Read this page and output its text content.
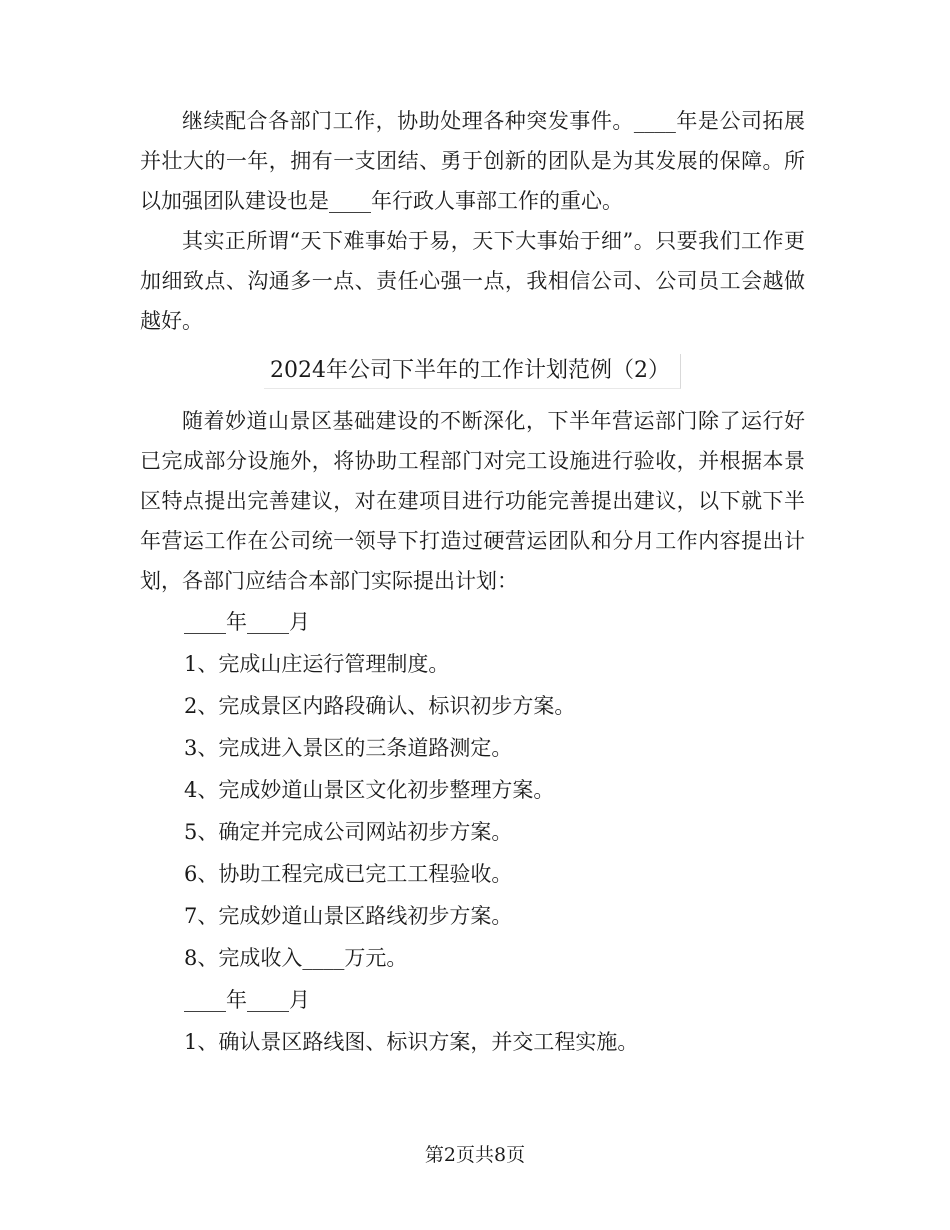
继续配合各部门工作，协助处理各种突发事件。____年是公司拓展并壮大的一年，拥有一支团结、勇于创新的团队是为其发展的保障。所以加强团队建设也是____年行政人事部工作的重心。

其实正所谓“天下难事始于易，天下大事始于细”。只要我们工作更加细致点、沟通多一点、责任心强一点，我相信公司、公司员工会越做越好。

2024年公司下半年的工作计划范例（2）

随着妙道山景区基础建设的不断深化，下半年营运部门除了运行好已完成部分设施外，将协助工程部门对完工设施进行验收，并根据本景区特点提出完善建议，对在建项目进行功能完善提出建议，以下就下半年营运工作在公司统一领导下打造过硬营运团队和分月工作内容提出计划，各部门应结合本部门实际提出计划：

____年____月

1、完成山庄运行管理制度。

2、完成景区内路段确认、标识初步方案。

3、完成进入景区的三条道路测定。

4、完成妙道山景区文化初步整理方案。

5、确定并完成公司网站初步方案。

6、协助工程完成已完工工程验收。

7、完成妙道山景区路线初步方案。

8、完成收入____万元。

____年____月

1、确认景区路线图、标识方案，并交工程实施。

第2页共8页
